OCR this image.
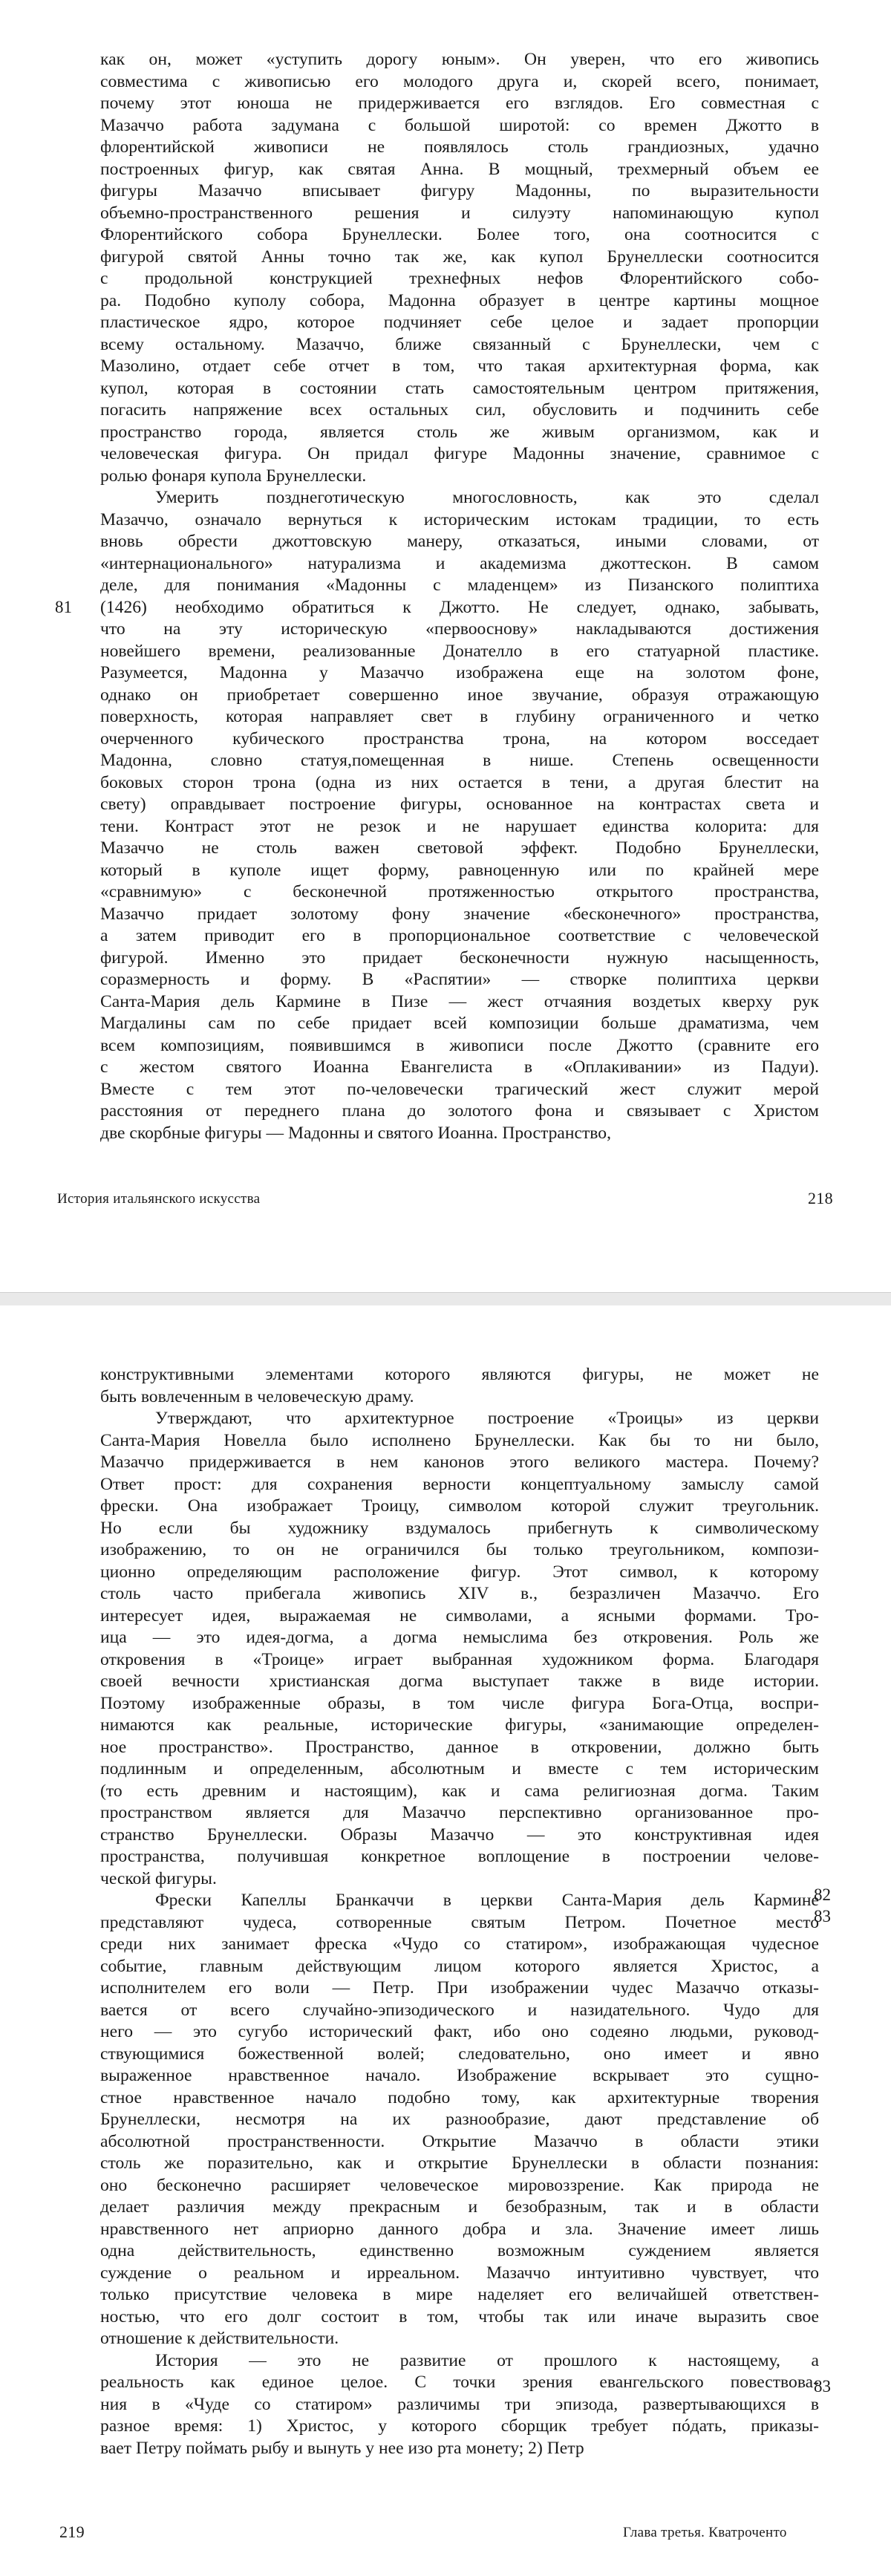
как он, может «уступить дорогу юным». Он уверен, что его живопись
совместима с живописью его молодого друга и, скорей всего, понимает,
почему этот юноша не придерживается его взглядов. Его совместная с
Мазаччо работа задумана с большой широтой: со времен Джотто в
флорентийской живописи не появлялось столь грандиозных, удачно
построенных фигур, как святая Анна. В мощный, трехмерный объем ее
фигуры Мазаччо вписывает фигуру Мадонны, по выразительности
объемно-пространственного решения и силуэту напоминающую купол
Флорентийского собора Брунеллески. Более того, она соотносится с
фигурой святой Анны точно так же, как купол Брунеллески соотносится
с продольной конструкцией трехнефных нефов Флорентийского собо-
ра. Подобно куполу собора, Мадонна образует в центре картины мощное
пластическое ядро, которое подчиняет себе целое и задает пропорции
всему остальному. Мазаччо, ближе связанный с Брунеллески, чем с
Мазолино, отдает себе отчет в том, что такая архитектурная форма, как
купол, которая в состоянии стать самостоятельным центром притяжения,
погасить напряжение всех остальных сил, обусловить и подчинить себе
пространство города, является столь же живым организмом, как и
человеческая фигура. Он придал фигуре Мадонны значение, сравнимое с
ролью фонаря купола Брунеллески.
Умерить позднеготическую многословность, как это сделал
Мазаччо, означало вернуться к историческим истокам традиции, то есть
вновь обрести джоттовскую манеру, отказаться, иными словами, от
«интернационального» натурализма и академизма джоттескон. В самом
деле, для понимания «Мадонны с младенцем» из Пизанского полиптиха
(1426) необходимо обратиться к Джотто. Не следует, однако, забывать,
что на эту историческую «первооснову» накладываются достижения
новейшего времени, реализованные Донателло в его статуарной пластике.
Разумеется, Мадонна у Мазаччо изображена еще на золотом фоне,
однако он приобретает совершенно иное звучание, образуя отражающую
поверхность, которая направляет свет в глубину ограниченного и четко
очерченного кубического пространства трона, на котором восседает
Мадонна, словно статуя,помещенная в нише. Степень освещенности
боковых сторон трона (одна из них остается в тени, а другая блестит на
свету) оправдывает построение фигуры, основанное на контрастах света и
тени. Контраст этот не резок и не нарушает единства колорита: для
Мазаччо не столь важен световой эффект. Подобно Брунеллески,
который в куполе ищет форму, равноценную или по крайней мере
«сравнимую» с бесконечной протяженностью открытого пространства,
Мазаччо придает золотому фону значение «бесконечного» пространства,
а затем приводит его в пропорциональное соответствие с человеческой
фигурой. Именно это придает бесконечности нужную насыщенность,
соразмерность и форму. В «Распятии» — створке полиптиха церкви
Санта-Мария дель Кармине в Пизе — жест отчаяния воздетых кверху рук
Магдалины сам по себе придает всей композиции больше драматизма, чем
всем композициям, появившимся в живописи после Джотто (сравните его
с жестом святого Иоанна Евангелиста в «Оплакивании» из Падуи).
Вместе с тем этот по-человечески трагический жест служит мерой
расстояния от переднего плана до золотого фона и связывает с Христом
две скорбные фигуры — Мадонны и святого Иоанна. Пространство,
81
История итальянского искусства	218
конструктивными элементами которого являются фигуры, не может не
быть вовлеченным в человеческую драму.
Утверждают, что архитектурное построение «Троицы» из церкви
Санта-Мария Новелла было исполнено Брунеллески. Как бы то ни было,
Мазаччо придерживается в нем канонов этого великого мастера. Почему?
Ответ прост: для сохранения верности концептуальному замыслу самой
фрески. Она изображает Троицу, символом которой служит треугольник.
Но если бы художнику вздумалось прибегнуть к символическому
изображению, то он не ограничился бы только треугольником, компози-
ционно определяющим расположение фигур. Этот символ, к которому
столь часто прибегала живопись XIV в., безразличен Мазаччо. Его
интересует идея, выражаемая не символами, а ясными формами. Тро-
ица — это идея-догма, а догма немыслима без откровения. Роль же
откровения в «Троице» играет выбранная художником форма. Благодаря
своей вечности христианская догма выступает также в виде истории.
Поэтому изображенные образы, в том числе фигура Бога-Отца, воспри-
нимаются как реальные, исторические фигуры, «занимающие определен-
ное пространство». Пространство, данное в откровении, должно быть
подлинным и определенным, абсолютным и вместе с тем историческим
(то есть древним и настоящим), как и сама религиозная догма. Таким
пространством является для Мазаччо перспективно организованное про-
странство Брунеллески. Образы Мазаччо — это конструктивная идея
пространства, получившая конкретное воплощение в построении челове-
ческой фигуры.
Фрески Капеллы Бранкаччи в церкви Санта-Мария дель Кармине
представляют чудеса, сотворенные святым Петром. Почетное место
среди них занимает фреска «Чудо со статиром», изображающая чудесное
событие, главным действующим лицом которого является Христос, а
исполнителем его воли — Петр. При изображении чудес Мазаччо отказы-
вается от всего случайно-эпизодического и назидательного. Чудо для
него — это сугубо исторический факт, ибо оно содеяно людьми, руковод-
ствующимися божественной волей; следовательно, оно имеет и явно
выраженное нравственное начало. Изображение вскрывает это сущно-
стное нравственное начало подобно тому, как архитектурные творения
Брунеллески, несмотря на их разнообразие, дают представление об
абсолютной пространственности. Открытие Мазаччо в области этики
столь же поразительно, как и открытие Брунеллески в области познания:
оно бесконечно расширяет человеческое мировоззрение. Как природа не
делает различия между прекрасным и безобразным, так и в области
нравственного нет априорно данного добра и зла. Значение имеет лишь
одна действительность, единственно возможным суждением является
суждение о реальном и ирреальном. Мазаччо интуитивно чувствует, что
только присутствие человека в мире наделяет его величайшей ответствен-
ностью, что его долг состоит в том, чтобы так или иначе выразить свое
отношение к действительности.
История — это не развитие от прошлого к настоящему, а
реальность как единое целое. С точки зрения евангельского повествова-
ния в «Чуде со статиром» различимы три эпизода, развертывающихся в
разное время: 1) Христос, у которого сборщик требует пóдать, приказы-
вает Петру поймать рыбу и вынуть у нее изо рта монету; 2) Петр
82
83
83
219	Глава третья. Кватроченто
